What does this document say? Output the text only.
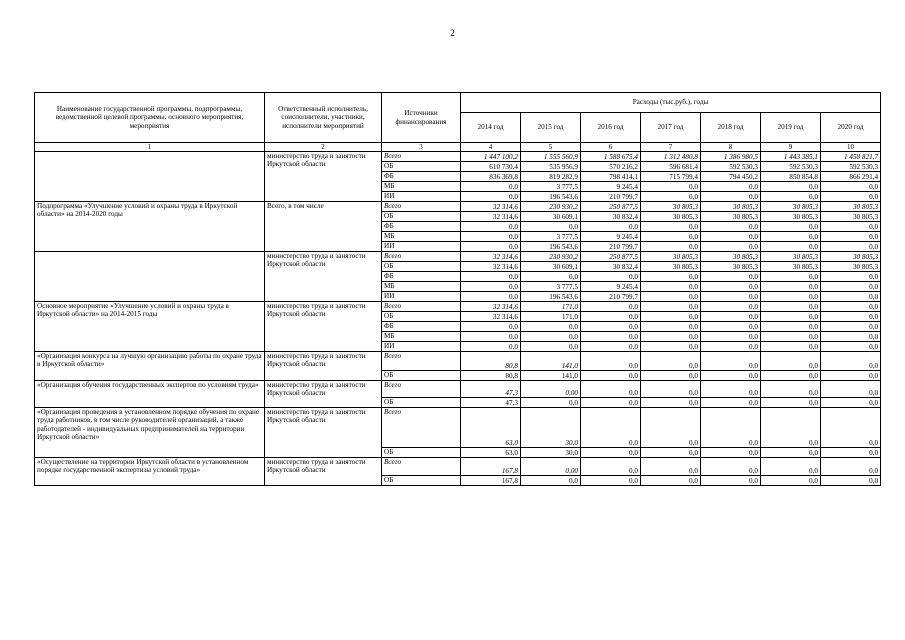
2
Наименование государственной программы, подпрограммы, ведомственной целевой программы, основного мероприятия, мероприятия	Ответственный исполнитель, соисполнители, участники, исполнители мероприятий	Источники финансирования	Расходы (тыс.руб.), годы						
			2014 год	2015 год	2016 год	2017 год	2018 год	2019 год	2020 год
1	2	3	4	5	6	7	8	9	10
	министерство труда и занятости Иркутской области	Всего	1 447 100,2	1 555 560,9	1 588 675,4	1 312 480,8	1 386 980,5	1 443 385,1	1 458 821,7
		ОБ	610 730,4	535 956,9	570 216,2	596 681,4	592 530,3	592 530,3	592 530,3
		ФБ	836 369,8	819 282,9	798 414,1	715 799,4	794 450,2	850 854,8	866 291,4
		МБ	0,0	3 777,5	9 245,4	0,0	0,0	0,0	0,0
		ИИ	0,0	196 543,6	210 799,7	0,0	0,0	0,0	0,0
Подпрограмма «Улучшение условий и охраны труда в Иркутской области» на 2014-2020 годы	Всего, в том числе	Всего	32 314,6	230 930,2	250 877,5	30 805,3	30 805,3	30 805,3	30 805,3
		ОБ	32 314,6	30 609,1	30 832,4	30 805,3	30 805,3	30 805,3	30 805,3
		ФБ	0,0	0,0	0,0	0,0	0,0	0,0	0,0
		МБ	0,0	3 777,5	9 245,4	0,0	0,0	0,0	0,0
		ИИ	0,0	196 543,6	210 799,7	0,0	0,0	0,0	0,0
	министерство труда и занятости Иркутской области	Всего	32 314,6	230 930,2	250 877,5	30 805,3	30 805,3	30 805,3	30 805,3
		ОБ	32 314,6	30 609,1	30 832,4	30 805,3	30 805,3	30 805,3	30 805,3
		ФБ	0,0	0,0	0,0	0,0	0,0	0,0	0,0
		МБ	0,0	3 777,5	9 245,4	0,0	0,0	0,0	0,0
		ИИ	0,0	196 543,6	210 799,7	0,0	0,0	0,0	0,0
Основное мероприятие «Улучшение условий и охраны труда в Иркутской области» на 2014-2015 годы	министерство труда и занятости Иркутской области	Всего	32 314,6	171,0	0,0	0,0	0,0	0,0	0,0
		ОБ	32 314,6	171,0	0,0	0,0	0,0	0,0	0,0
		ФБ	0,0	0,0	0,0	0,0	0,0	0,0	0,0
		МБ	0,0	0,0	0,0	0,0	0,0	0,0	0,0
		ИИ	0,0	0,0	0,0	0,0	0,0	0,0	0,0
«Организация конкурса на лучшую организацию работы по охране труда в Иркутской области»	министерство труда и занятости Иркутской области	Всего	80,8	141,0	0,0	0,0	0,0	0,0	0,0
		ОБ	80,8	141,0	0,0	0,0	0,0	0,0	0,0
«Организация обучения государственных экспертов по условиям труда»	министерство труда и занятости Иркутской области	Всего	47,3	0,00	0,0	0,0	0,0	0,0	0,0
		ОБ	47,3	0,0	0,0	0,0	0,0	0,0	0,0
«Организация проведения в установленном порядке обучения по охране труда работников, в том числе руководителей организаций, а также работодателей - индивидуальных предпринимателей на территории Иркутской области»	министерство труда и занятости Иркутской области	Всего	63,0	30,0	0,0	0,0	0,0	0,0	0,0
		ОБ	63,0	30,0	0,0	0,0	0,0	0,0	0,0
«Осуществление на территории Иркутской области в установленном порядке государственной экспертизы условий труда»	министерство труда и занятости Иркутской области	Всего	167,8	0,00	0,0	0,0	0,0	0,0	0,0
		ОБ	167,8	0,0	0,0	0,0	0,0	0,0	0,0
